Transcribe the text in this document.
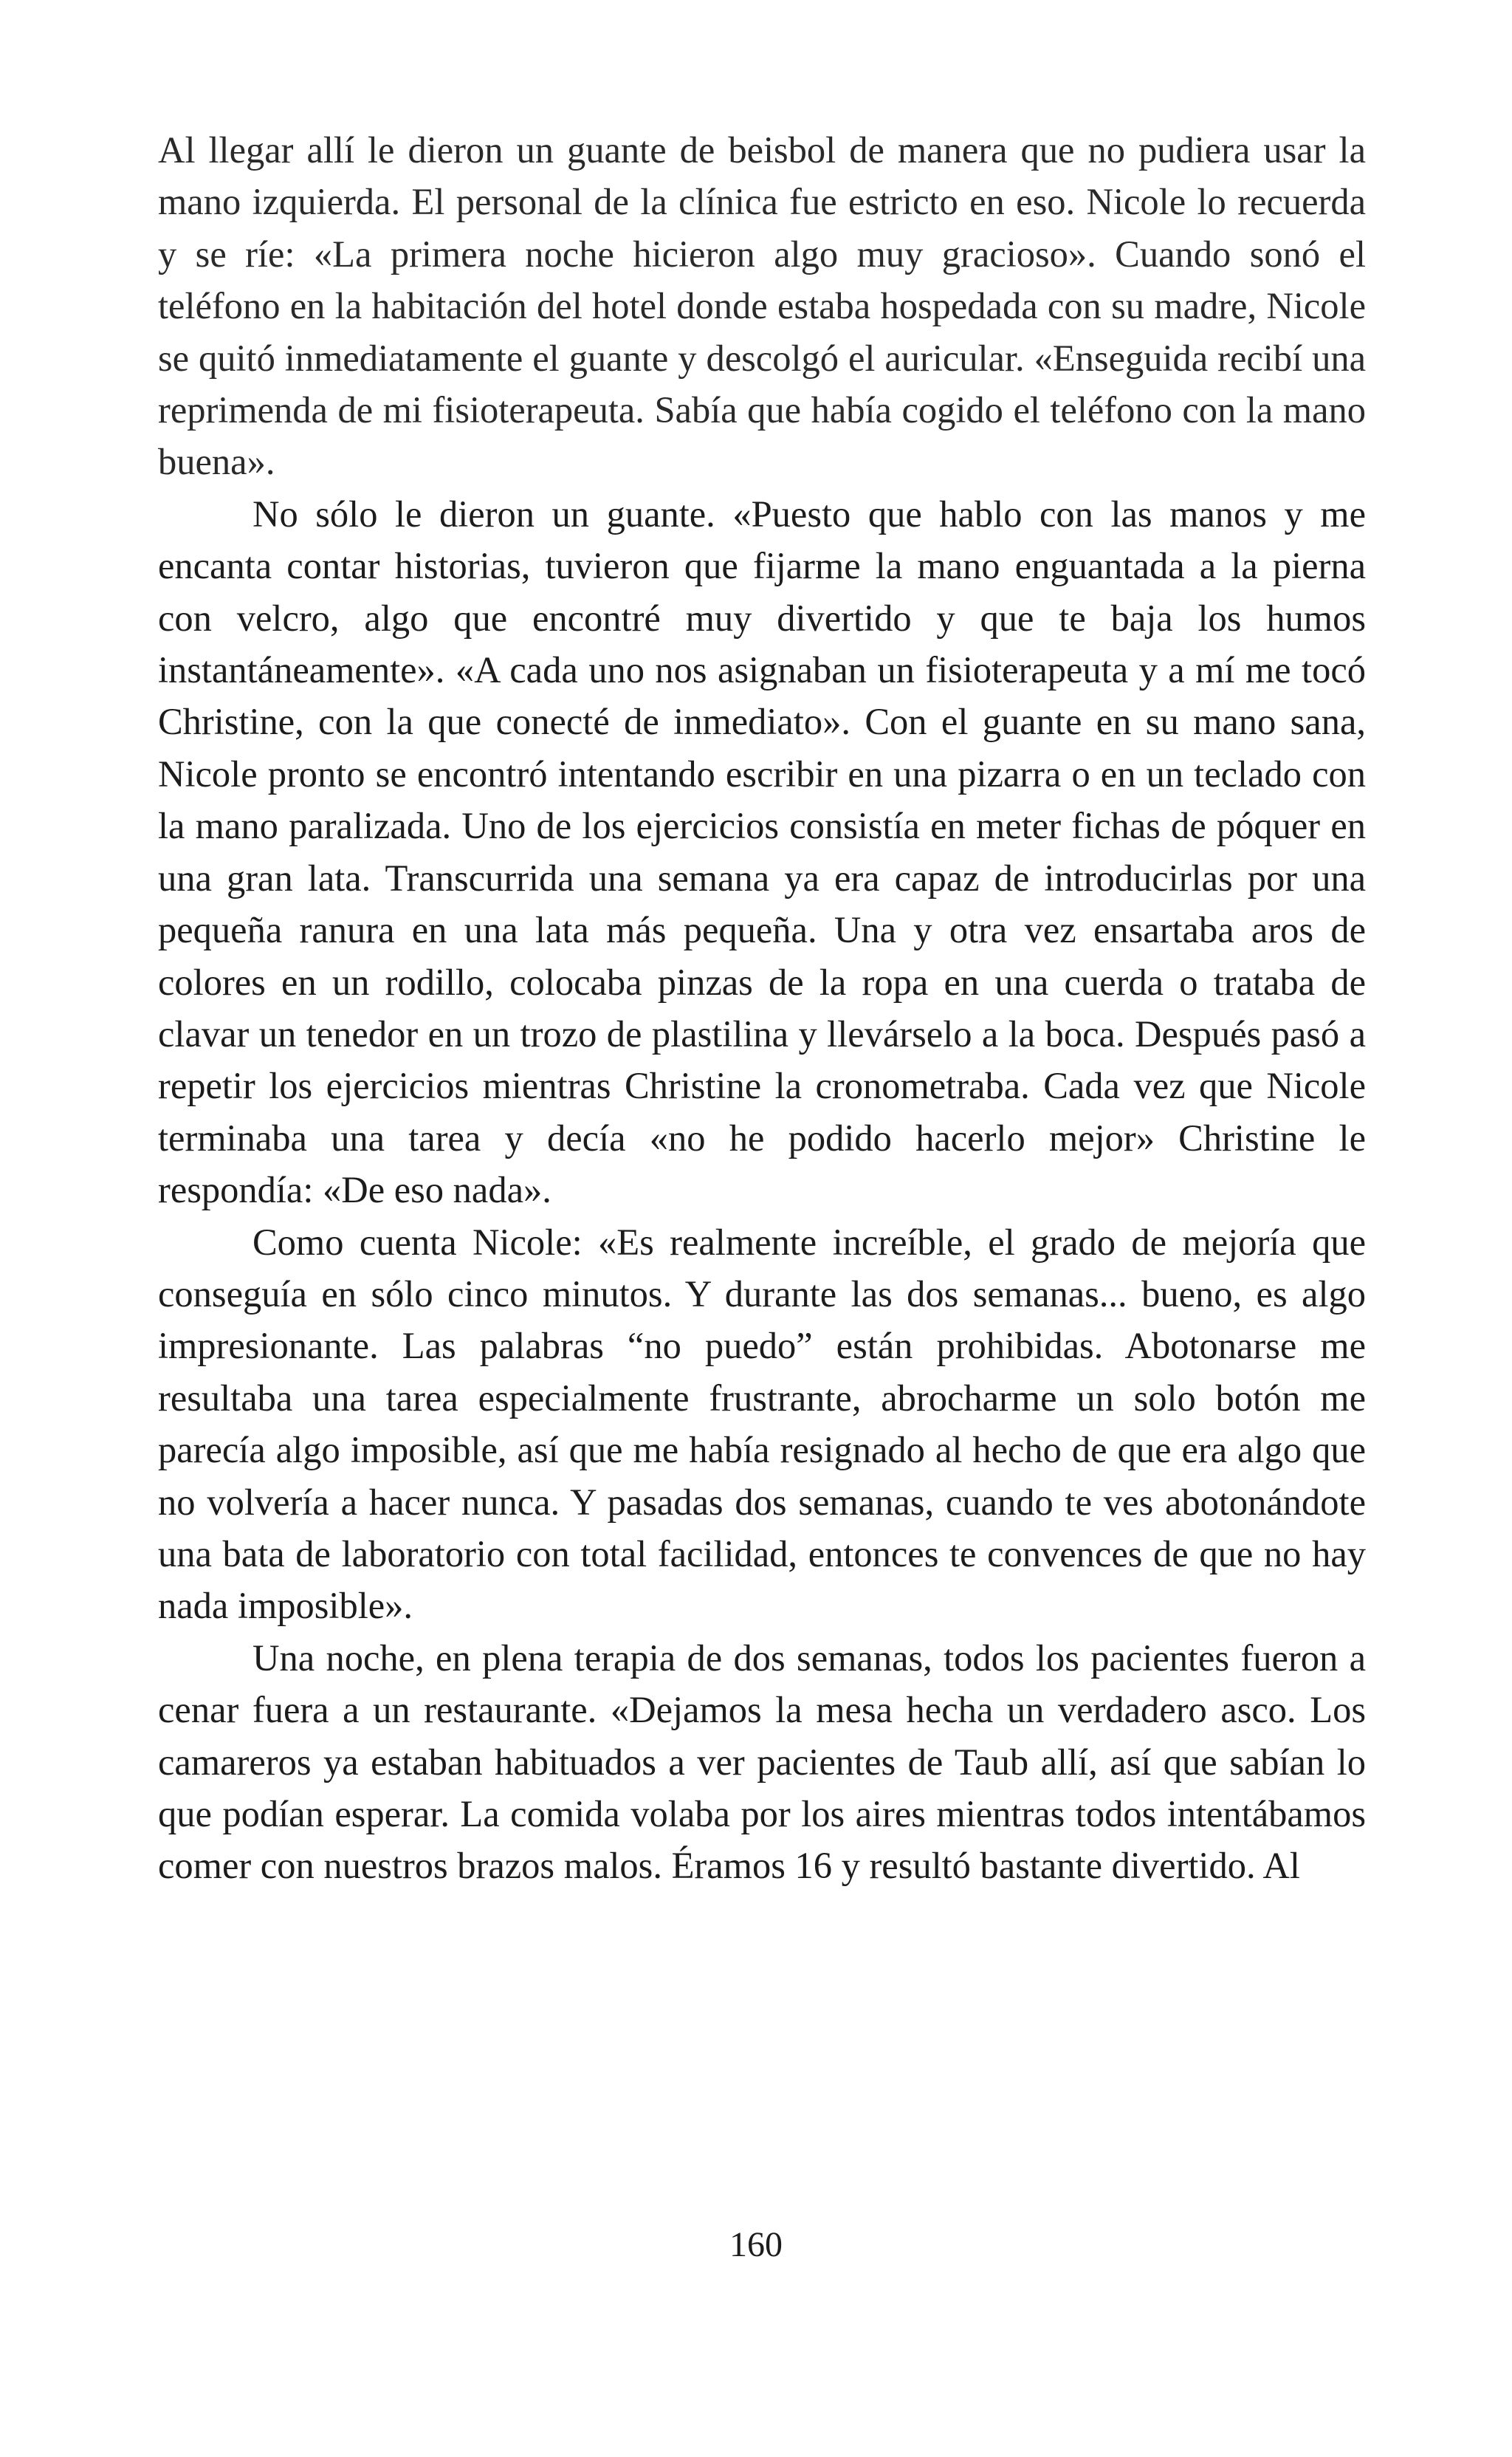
Al llegar allí le dieron un guante de beisbol de manera que no pudiera usar la mano izquierda. El personal de la clínica fue estricto en eso. Nicole lo recuerda y se ríe: «La primera noche hicieron algo muy gracioso». Cuando sonó el teléfono en la habitación del hotel donde estaba hospedada con su madre, Nicole se quitó inmediatamente el guante y descolgó el auricular. «Enseguida recibí una reprimenda de mi fisioterapeuta. Sabía que había cogido el teléfono con la mano buena».

No sólo le dieron un guante. «Puesto que hablo con las manos y me encanta contar historias, tuvieron que fijarme la mano enguantada a la pierna con velcro, algo que encontré muy divertido y que te baja los humos instantáneamente». «A cada uno nos asignaban un fisioterapeuta y a mí me tocó Christine, con la que conecté de inmediato». Con el guante en su mano sana, Nicole pronto se encontró intentando escribir en una pizarra o en un teclado con la mano paralizada. Uno de los ejercicios consistía en meter fichas de póquer en una gran lata. Transcurrida una semana ya era capaz de introducirlas por una pequeña ranura en una lata más pequeña. Una y otra vez ensartaba aros de colores en un rodillo, colocaba pinzas de la ropa en una cuerda o trataba de clavar un tenedor en un trozo de plastilina y llevárselo a la boca. Después pasó a repetir los ejercicios mientras Christine la cronometraba. Cada vez que Nicole terminaba una tarea y decía «no he podido hacerlo mejor» Christine le respondía: «De eso nada».

Como cuenta Nicole: «Es realmente increíble, el grado de mejoría que conseguía en sólo cinco minutos. Y durante las dos semanas... bueno, es algo impresionante. Las palabras “no puedo” están prohibidas. Abotonarse me resultaba una tarea especialmente frustrante, abrocharme un solo botón me parecía algo imposible, así que me había resignado al hecho de que era algo que no volvería a hacer nunca. Y pasadas dos semanas, cuando te ves abotonándote una bata de laboratorio con total facilidad, entonces te convences de que no hay nada imposible».

Una noche, en plena terapia de dos semanas, todos los pacientes fueron a cenar fuera a un restaurante. «Dejamos la mesa hecha un verdadero asco. Los camareros ya estaban habituados a ver pacientes de Taub allí, así que sabían lo que podían esperar. La comida volaba por los aires mientras todos intentábamos comer con nuestros brazos malos. Éramos 16 y resultó bastante divertido. Al

160
